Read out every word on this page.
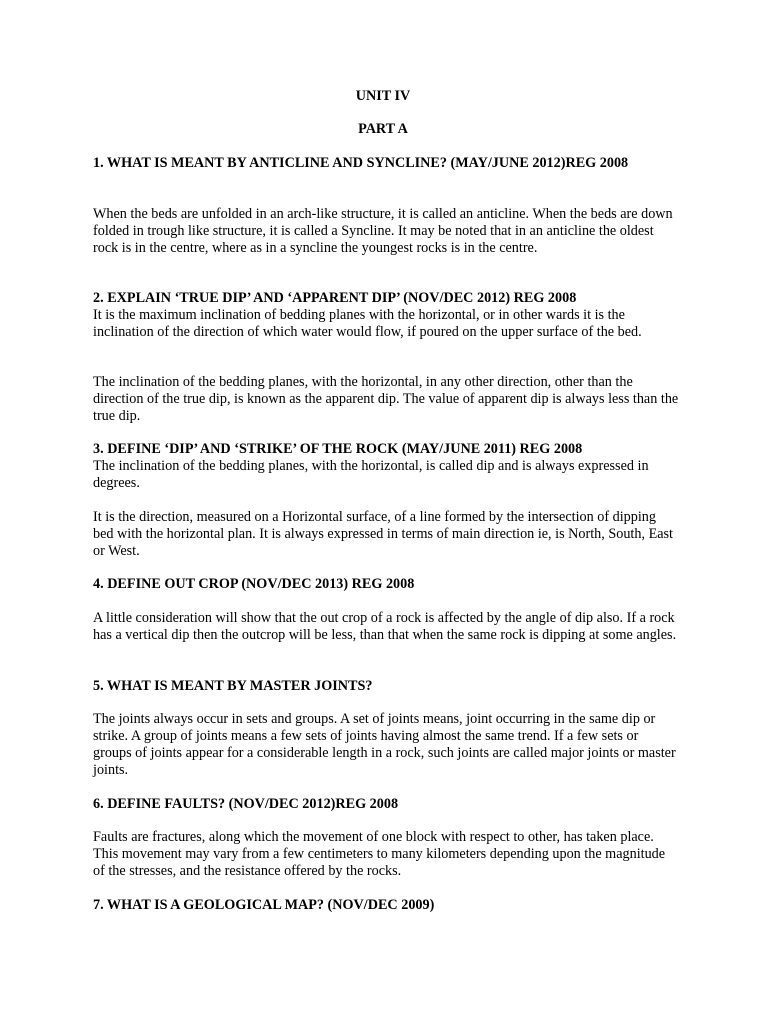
UNIT IV

PART A

1. WHAT IS MEANT BY ANTICLINE AND SYNCLINE? (MAY/JUNE 2012)REG 2008

When the beds are unfolded in an arch-like structure, it is called an anticline. When the beds are down folded in trough like structure, it is called a Syncline. It may be noted that in an anticline the oldest rock is in the centre, where as in a syncline the youngest rocks is in the centre.

2. EXPLAIN ‘TRUE DIP’ AND ‘APPARENT DIP’ (NOV/DEC 2012) REG 2008

It is the maximum inclination of bedding planes with the horizontal, or in other wards it is the inclination of the direction of which water would flow, if poured on the upper surface of the bed.

The inclination of the bedding planes, with the horizontal, in any other direction, other than the direction of the true dip, is known as the apparent dip. The value of apparent dip is always less than the true dip.

3. DEFINE ‘DIP’ AND ‘STRIKE’ OF THE ROCK (MAY/JUNE 2011) REG 2008

The inclination of the bedding planes, with the horizontal, is called dip and is always expressed in degrees.

It is the direction, measured on a Horizontal surface, of a line formed by the intersection of dipping bed with the horizontal plan. It is always expressed in terms of main direction ie, is North, South, East or West.

4. DEFINE OUT CROP (NOV/DEC 2013) REG 2008

A little consideration will show that the out crop of a rock is affected by the angle of dip also. If a rock has a vertical dip then the outcrop will be less, than that when the same rock is dipping at some angles.

5. WHAT IS MEANT BY MASTER JOINTS?

The joints always occur in sets and groups. A set of joints means, joint occurring in the same dip or strike. A group of joints means a few sets of joints having almost the same trend. If a few sets or groups of joints appear for a considerable length in a rock, such joints are called major joints or master joints.

6. DEFINE FAULTS? (NOV/DEC 2012)REG 2008

Faults are fractures, along which the movement of one block with respect to other, has taken place. This movement may vary from a few centimeters to many kilometers depending upon the magnitude of the stresses, and the resistance offered by the rocks.

7. WHAT IS A GEOLOGICAL MAP? (NOV/DEC 2009)
